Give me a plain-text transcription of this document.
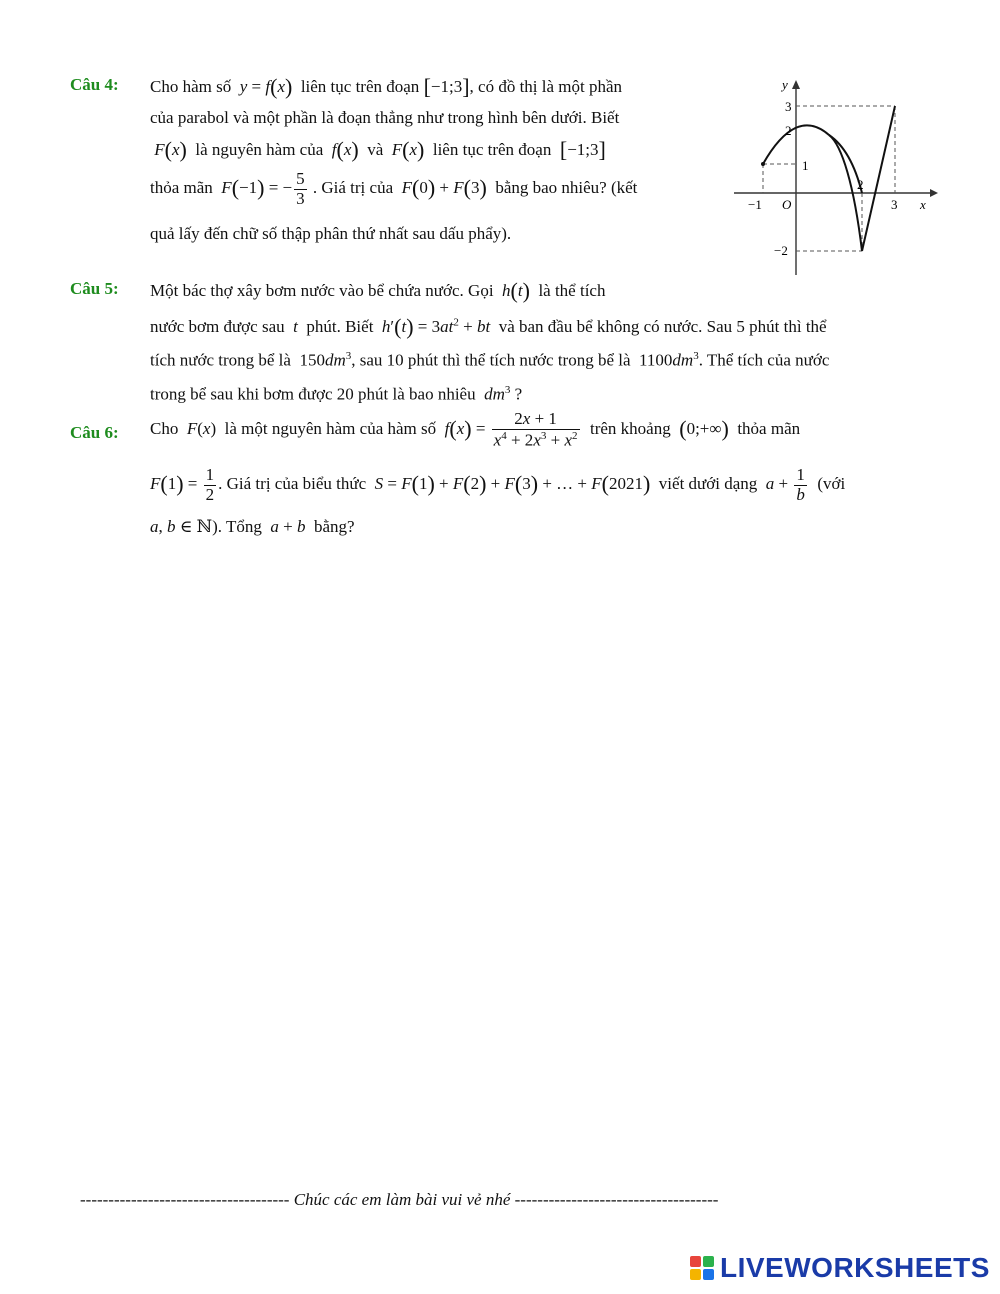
Câu 4: Cho hàm số  y = f(x) liên tục trên đoạn [−1;3], có đồ thị là một phần
của parabol và một phần là đoạn thẳng như trong hình bên dưới. Biết
F(x) là nguyên hàm của f(x) và F(x) liên tục trên đoạn [−1;3]
thỏa mãn F(−1) = − $\frac{5}{3}$ . Giá trị của F(0) + F(3) bằng bao nhiêu? (kết
quả lấy đến chữ số thập phân thứ nhất sau dấu phẩy).
y
x
O
−1
2
3
1
2
3
−2
Câu 5: Một bác thợ xây bơm nước vào bể chứa nước. Gọi h(t) là thể tích
nước bơm được sau t phút. Biết $h'(t) = 3at^2$ + bt và ban đầu bể không có nước. Sau 5 phút thì thể
tích nước trong bể là  $150dm^3$, sau 10 phút thì thể tích nước trong bể là  $1100dm^3$. Thể tích của nước
trong bể sau khi bơm được 20 phút là bao nhiêu $dm^3$ ?
Câu 6: Cho F(x)  là một nguyên hàm của hàm số $f(x) = \frac{2x + 1}{x^4 + 2x^3 + x^2}$ trên khoảng (0;+∞) thỏa mãn
$F(1) = \frac{1}{2}$ . Giá trị của biểu thức S = F(1) + F(2) + F(3) + … + F(2021) viết dưới dạng $a + \frac{1}{b}$ (với
a, b ∈ ℕ). Tổng a + b bằng?
------------------------------------- Chúc các em làm bài vui vẻ nhé ------------------------------------
LIVEWORKSHEETS
